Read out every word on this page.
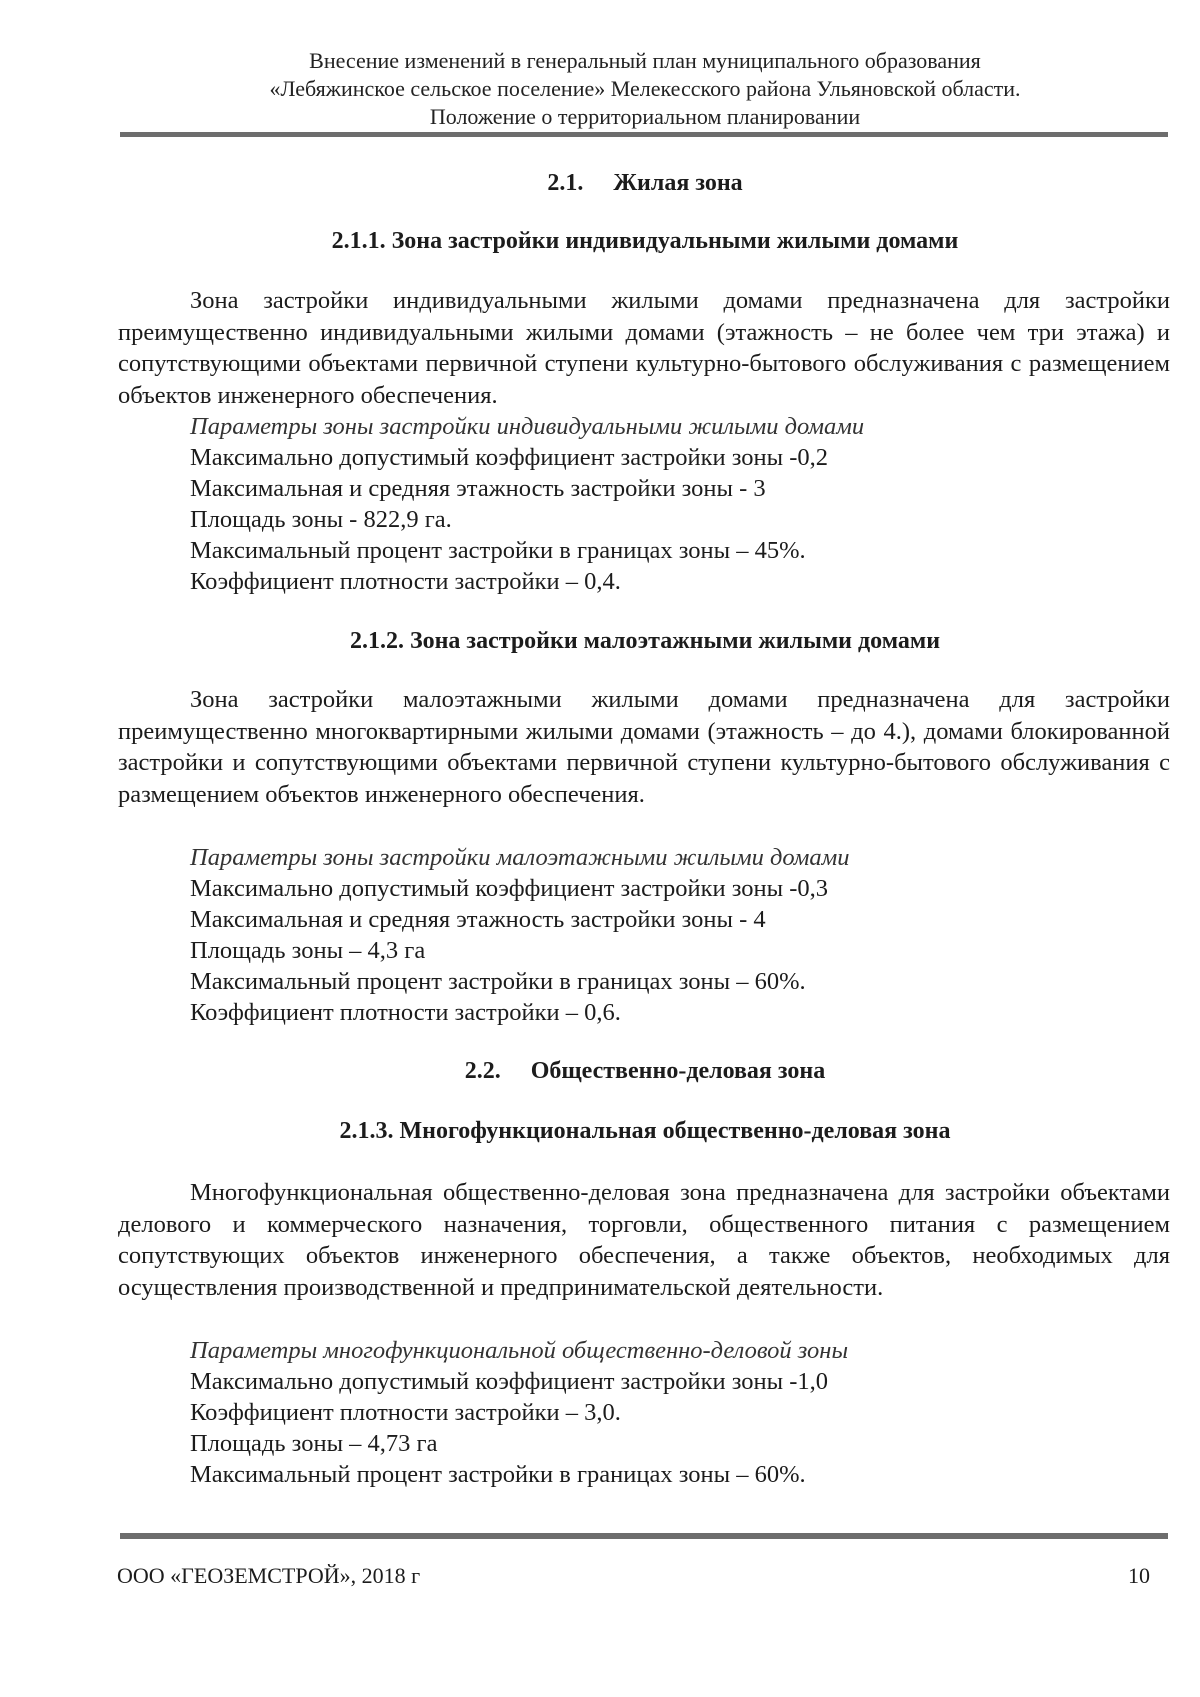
Внесение изменений в генеральный план муниципального образования
«Лебяжинское сельское поселение» Мелекесского района Ульяновской области.
Положение о территориальном планировании
2.1. Жилая зона
2.1.1. Зона застройки индивидуальными жилыми домами
Зона застройки индивидуальными жилыми домами предназначена для застройки преимущественно индивидуальными жилыми домами (этажность – не более чем три этажа) и сопутствующими объектами первичной ступени культурно-бытового обслуживания с размещением объектов инженерного обеспечения.
Параметры зоны застройки индивидуальными жилыми домами
Максимально допустимый коэффициент застройки зоны -0,2
Максимальная и средняя этажность застройки зоны - 3
Площадь зоны - 822,9 га.
Максимальный процент застройки в границах зоны – 45%.
Коэффициент плотности застройки – 0,4.
2.1.2. Зона застройки малоэтажными жилыми домами
Зона застройки малоэтажными жилыми домами предназначена для застройки преимущественно многоквартирными жилыми домами (этажность – до 4.), домами блокированной застройки и сопутствующими объектами первичной ступени культурно-бытового обслуживания с размещением объектов инженерного обеспечения.
Параметры зоны застройки малоэтажными жилыми домами
Максимально допустимый коэффициент застройки зоны -0,3
Максимальная и средняя этажность застройки зоны - 4
Площадь зоны – 4,3 га
Максимальный процент застройки в границах зоны – 60%.
Коэффициент плотности застройки – 0,6.
2.2. Общественно-деловая зона
2.1.3. Многофункциональная общественно-деловая зона
Многофункциональная общественно-деловая зона предназначена для застройки объектами делового и коммерческого назначения, торговли, общественного питания с размещением сопутствующих объектов инженерного обеспечения, а также объектов, необходимых для осуществления производственной и предпринимательской деятельности.
Параметры многофункциональной общественно-деловой зоны
Максимально допустимый коэффициент застройки зоны -1,0
Коэффициент плотности застройки – 3,0.
Площадь зоны – 4,73 га
Максимальный процент застройки в границах зоны – 60%.
ООО «ГЕОЗЕМСТРОЙ», 2018 г	10
